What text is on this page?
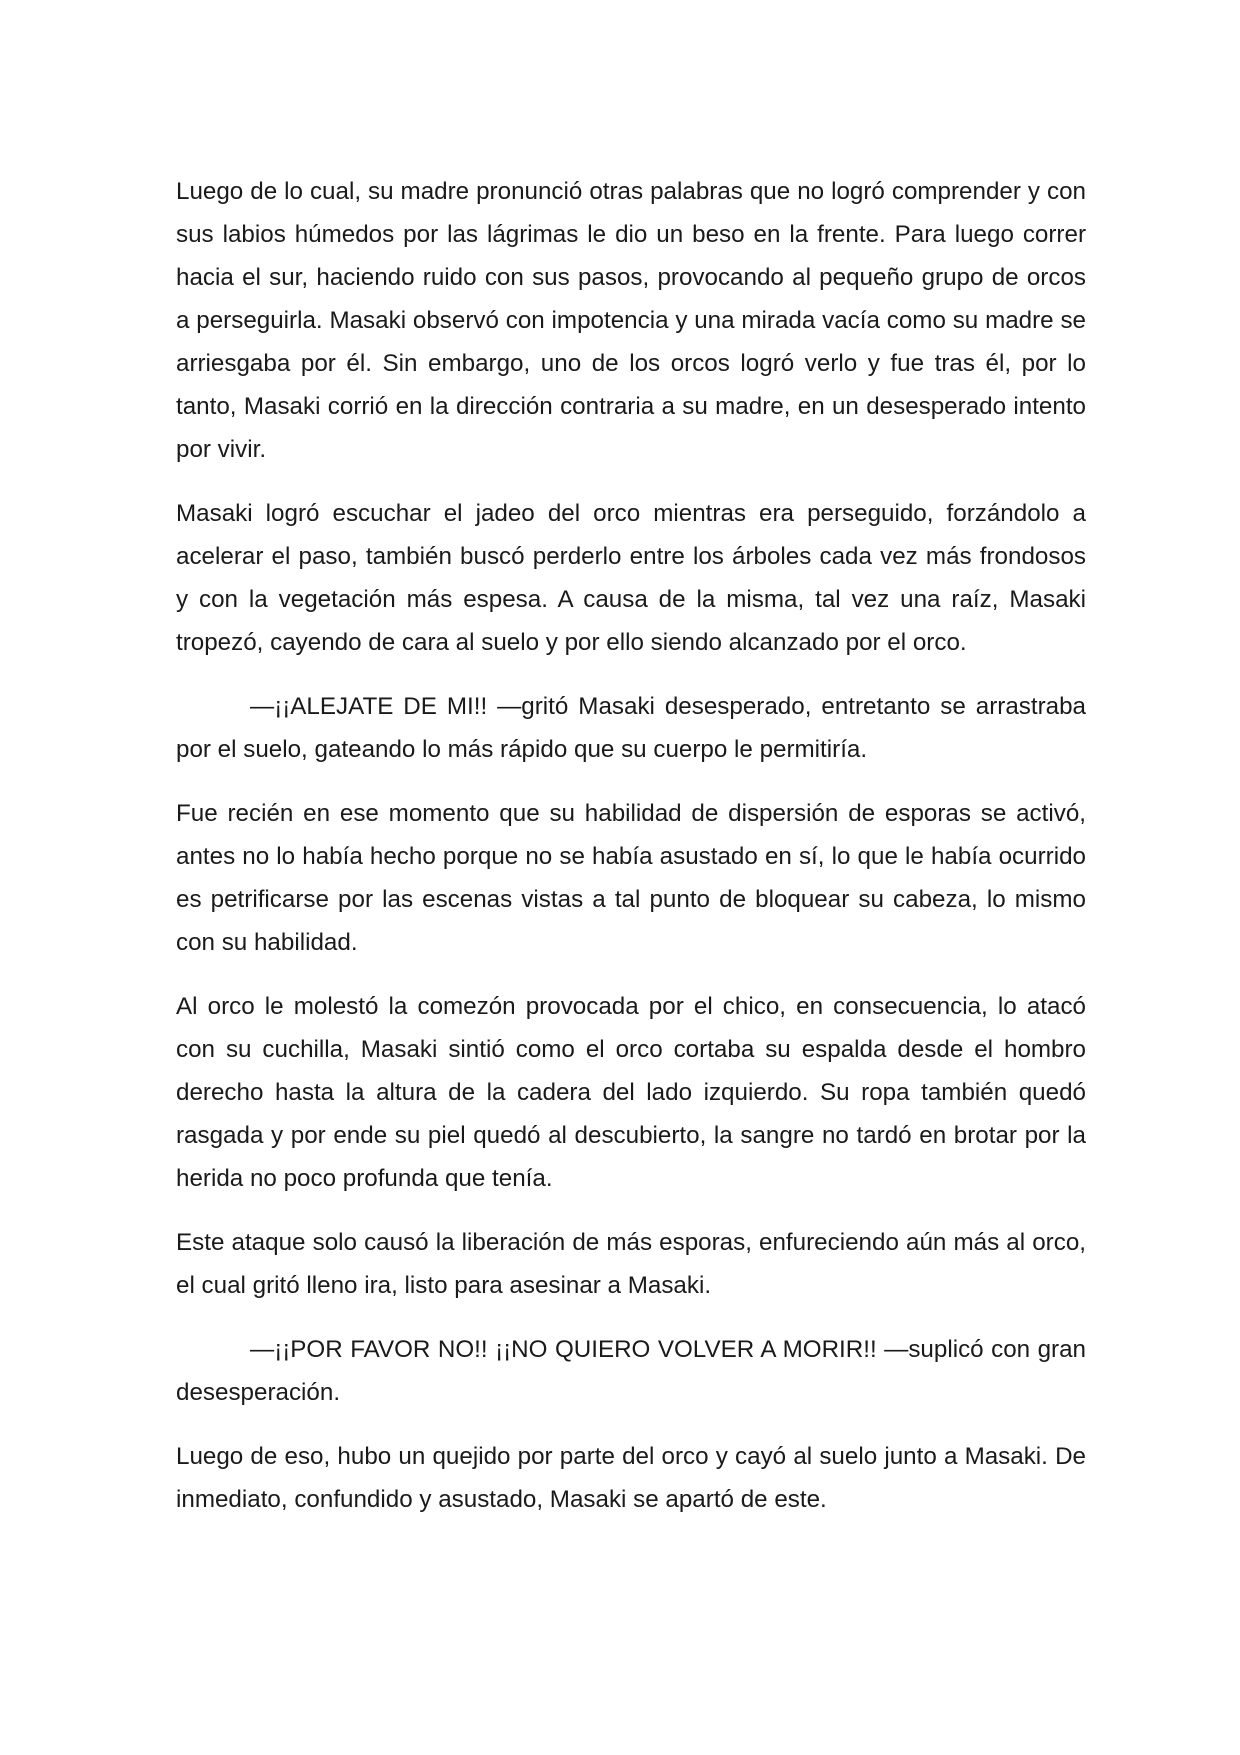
Luego de lo cual, su madre pronunció otras palabras que no logró comprender y con sus labios húmedos por las lágrimas le dio un beso en la frente. Para luego correr hacia el sur, haciendo ruido con sus pasos, provocando al pequeño grupo de orcos a perseguirla. Masaki observó con impotencia y una mirada vacía como su madre se arriesgaba por él. Sin embargo, uno de los orcos logró verlo y fue tras él, por lo tanto, Masaki corrió en la dirección contraria a su madre, en un desesperado intento por vivir.

Masaki logró escuchar el jadeo del orco mientras era perseguido, forzándolo a acelerar el paso, también buscó perderlo entre los árboles cada vez más frondosos y con la vegetación más espesa. A causa de la misma, tal vez una raíz, Masaki tropezó, cayendo de cara al suelo y por ello siendo alcanzado por el orco.

—¡¡ALEJATE DE MI!! —gritó Masaki desesperado, entretanto se arrastraba por el suelo, gateando lo más rápido que su cuerpo le permitiría.

Fue recién en ese momento que su habilidad de dispersión de esporas se activó, antes no lo había hecho porque no se había asustado en sí, lo que le había ocurrido es petrificarse por las escenas vistas a tal punto de bloquear su cabeza, lo mismo con su habilidad.

Al orco le molestó la comezón provocada por el chico, en consecuencia, lo atacó con su cuchilla, Masaki sintió como el orco cortaba su espalda desde el hombro derecho hasta la altura de la cadera del lado izquierdo. Su ropa también quedó rasgada y por ende su piel quedó al descubierto, la sangre no tardó en brotar por la herida no poco profunda que tenía.

Este ataque solo causó la liberación de más esporas, enfureciendo aún más al orco, el cual gritó lleno ira, listo para asesinar a Masaki.

—¡¡POR FAVOR NO!! ¡¡NO QUIERO VOLVER A MORIR!! —suplicó con gran desesperación.

Luego de eso, hubo un quejido por parte del orco y cayó al suelo junto a Masaki. De inmediato, confundido y asustado, Masaki se apartó de este.
